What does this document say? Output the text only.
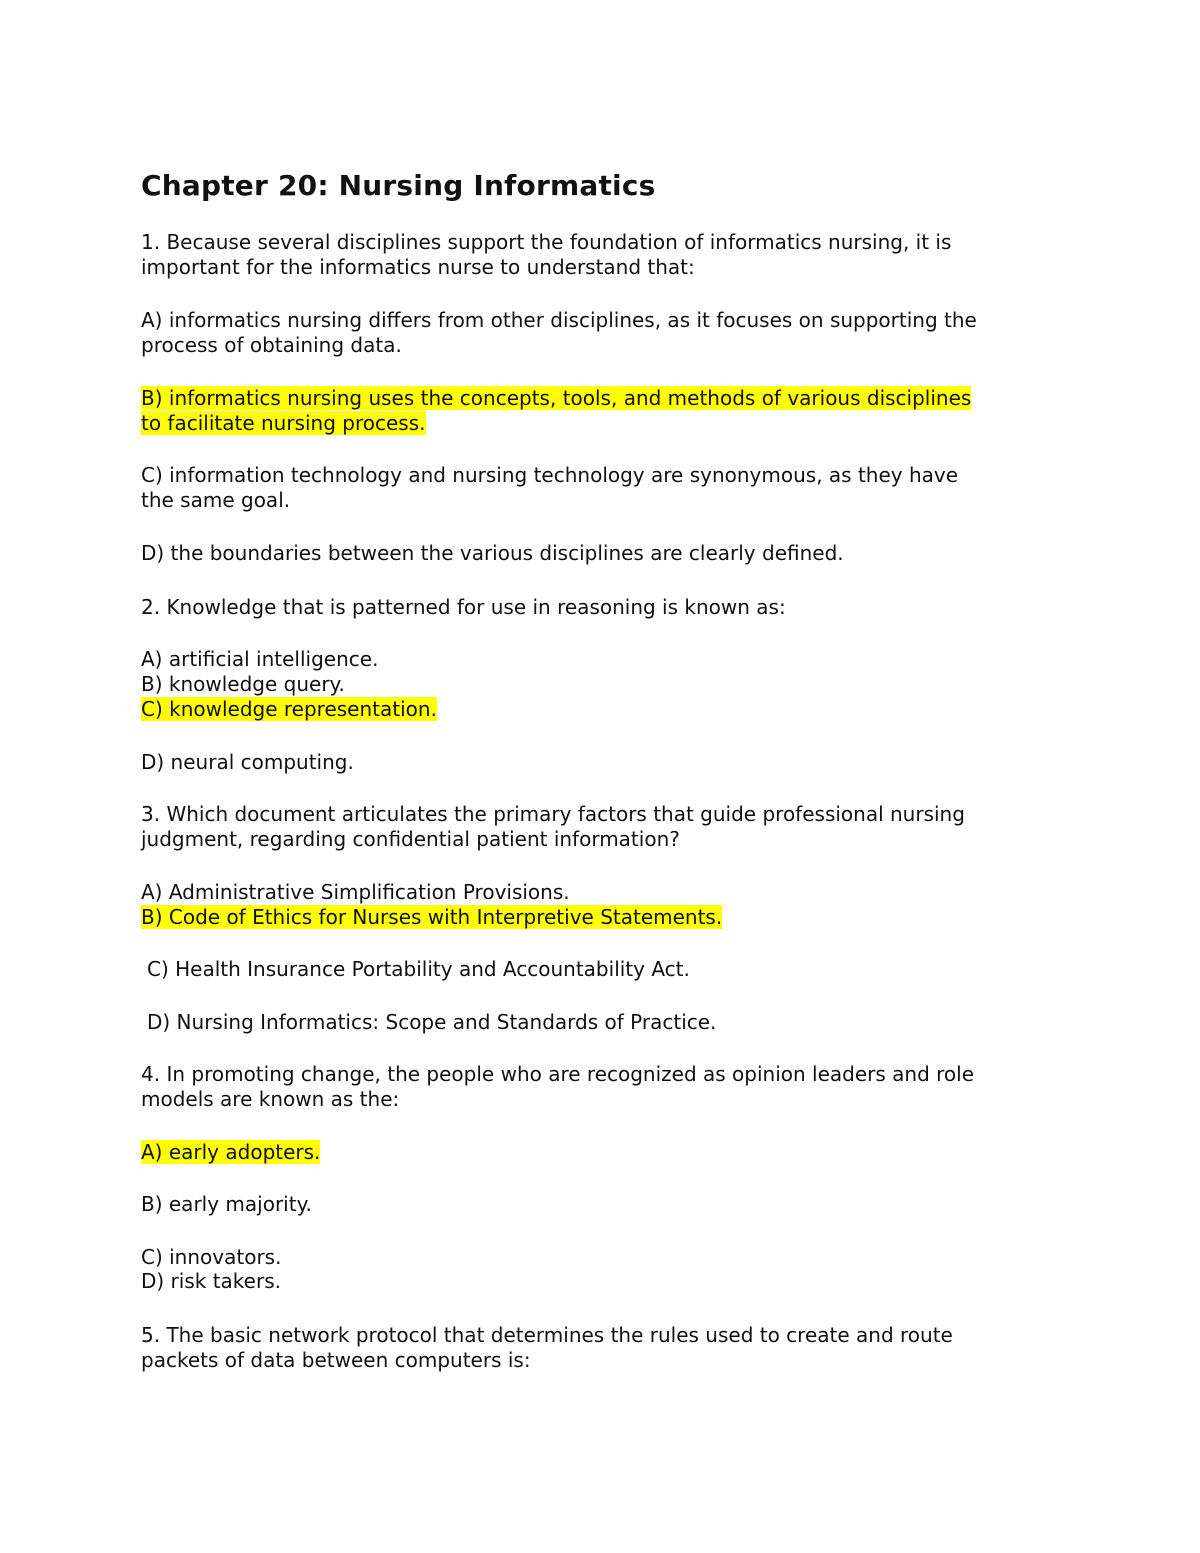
Chapter 20: Nursing Informatics
1. Because several disciplines support the foundation of informatics nursing, it is
important for the informatics nurse to understand that:
A) informatics nursing differs from other disciplines, as it focuses on supporting the
process of obtaining data.
B) informatics nursing uses the concepts, tools, and methods of various disciplines
to facilitate nursing process.
C) information technology and nursing technology are synonymous, as they have
the same goal.
D) the boundaries between the various disciplines are clearly defined.
2. Knowledge that is patterned for use in reasoning is known as:
A) artificial intelligence.
B) knowledge query.
C) knowledge representation.
D) neural computing.
3. Which document articulates the primary factors that guide professional nursing
judgment, regarding confidential patient information?
A) Administrative Simplification Provisions.
B) Code of Ethics for Nurses with Interpretive Statements.
C) Health Insurance Portability and Accountability Act.
D) Nursing Informatics: Scope and Standards of Practice.
4. In promoting change, the people who are recognized as opinion leaders and role
models are known as the:
A) early adopters.
B) early majority.
C) innovators.
D) risk takers.
5. The basic network protocol that determines the rules used to create and route
packets of data between computers is:
